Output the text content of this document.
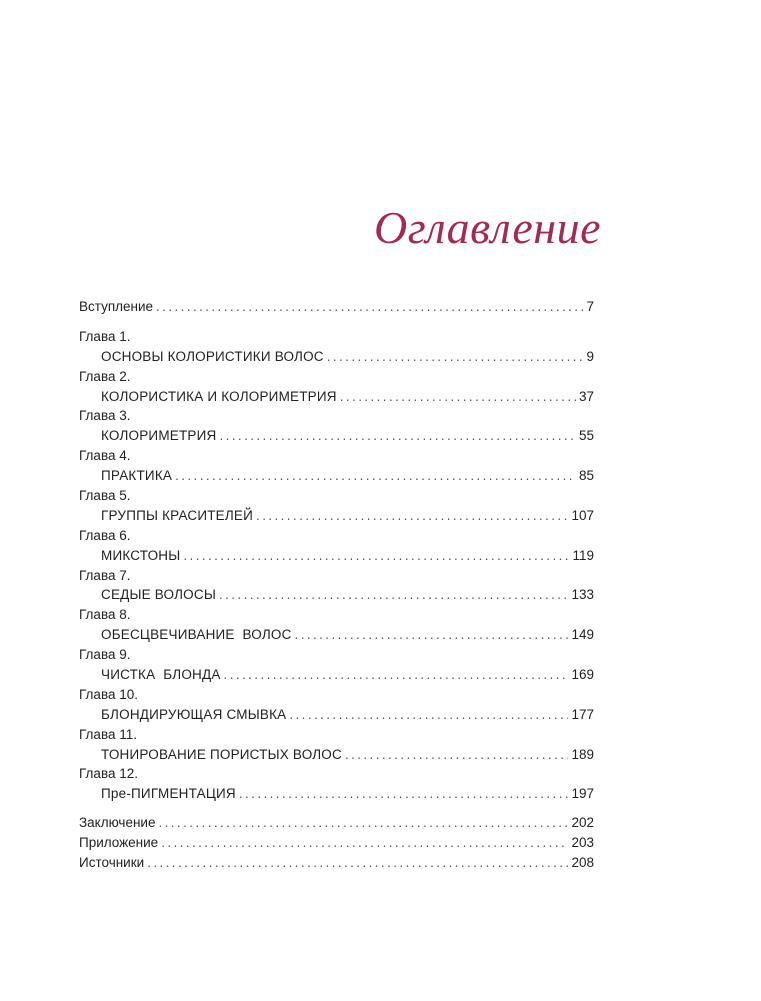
Оглавление
Вступление .....	7
Глава 1.
ОСНОВЫ КОЛОРИСТИКИ ВОЛОС .....	9
Глава 2.
КОЛОРИСТИКА И КОЛОРИМЕТРИЯ .....	37
Глава 3.
КОЛОРИМЕТРИЯ .....	55
Глава 4.
ПРАКТИКА .....	85
Глава 5.
ГРУППЫ КРАСИТЕЛЕЙ .....	107
Глава 6.
МИКСТОНЫ .....	119
Глава 7.
СЕДЫЕ ВОЛОСЫ .....	133
Глава 8.
ОБЕСЦВЕЧИВАНИЕ  ВОЛОС .....	149
Глава 9.
ЧИСТКА  БЛОНДА .....	169
Глава 10.
БЛОНДИРУЮЩАЯ СМЫВКА .....	177
Глава 11.
ТОНИРОВАНИЕ ПОРИСТЫХ ВОЛОС .....	189
Глава 12.
Пре-ПИГМЕНТАЦИЯ .....	197
Заключение .....	202
Приложение .....	203
Источники .....	208
